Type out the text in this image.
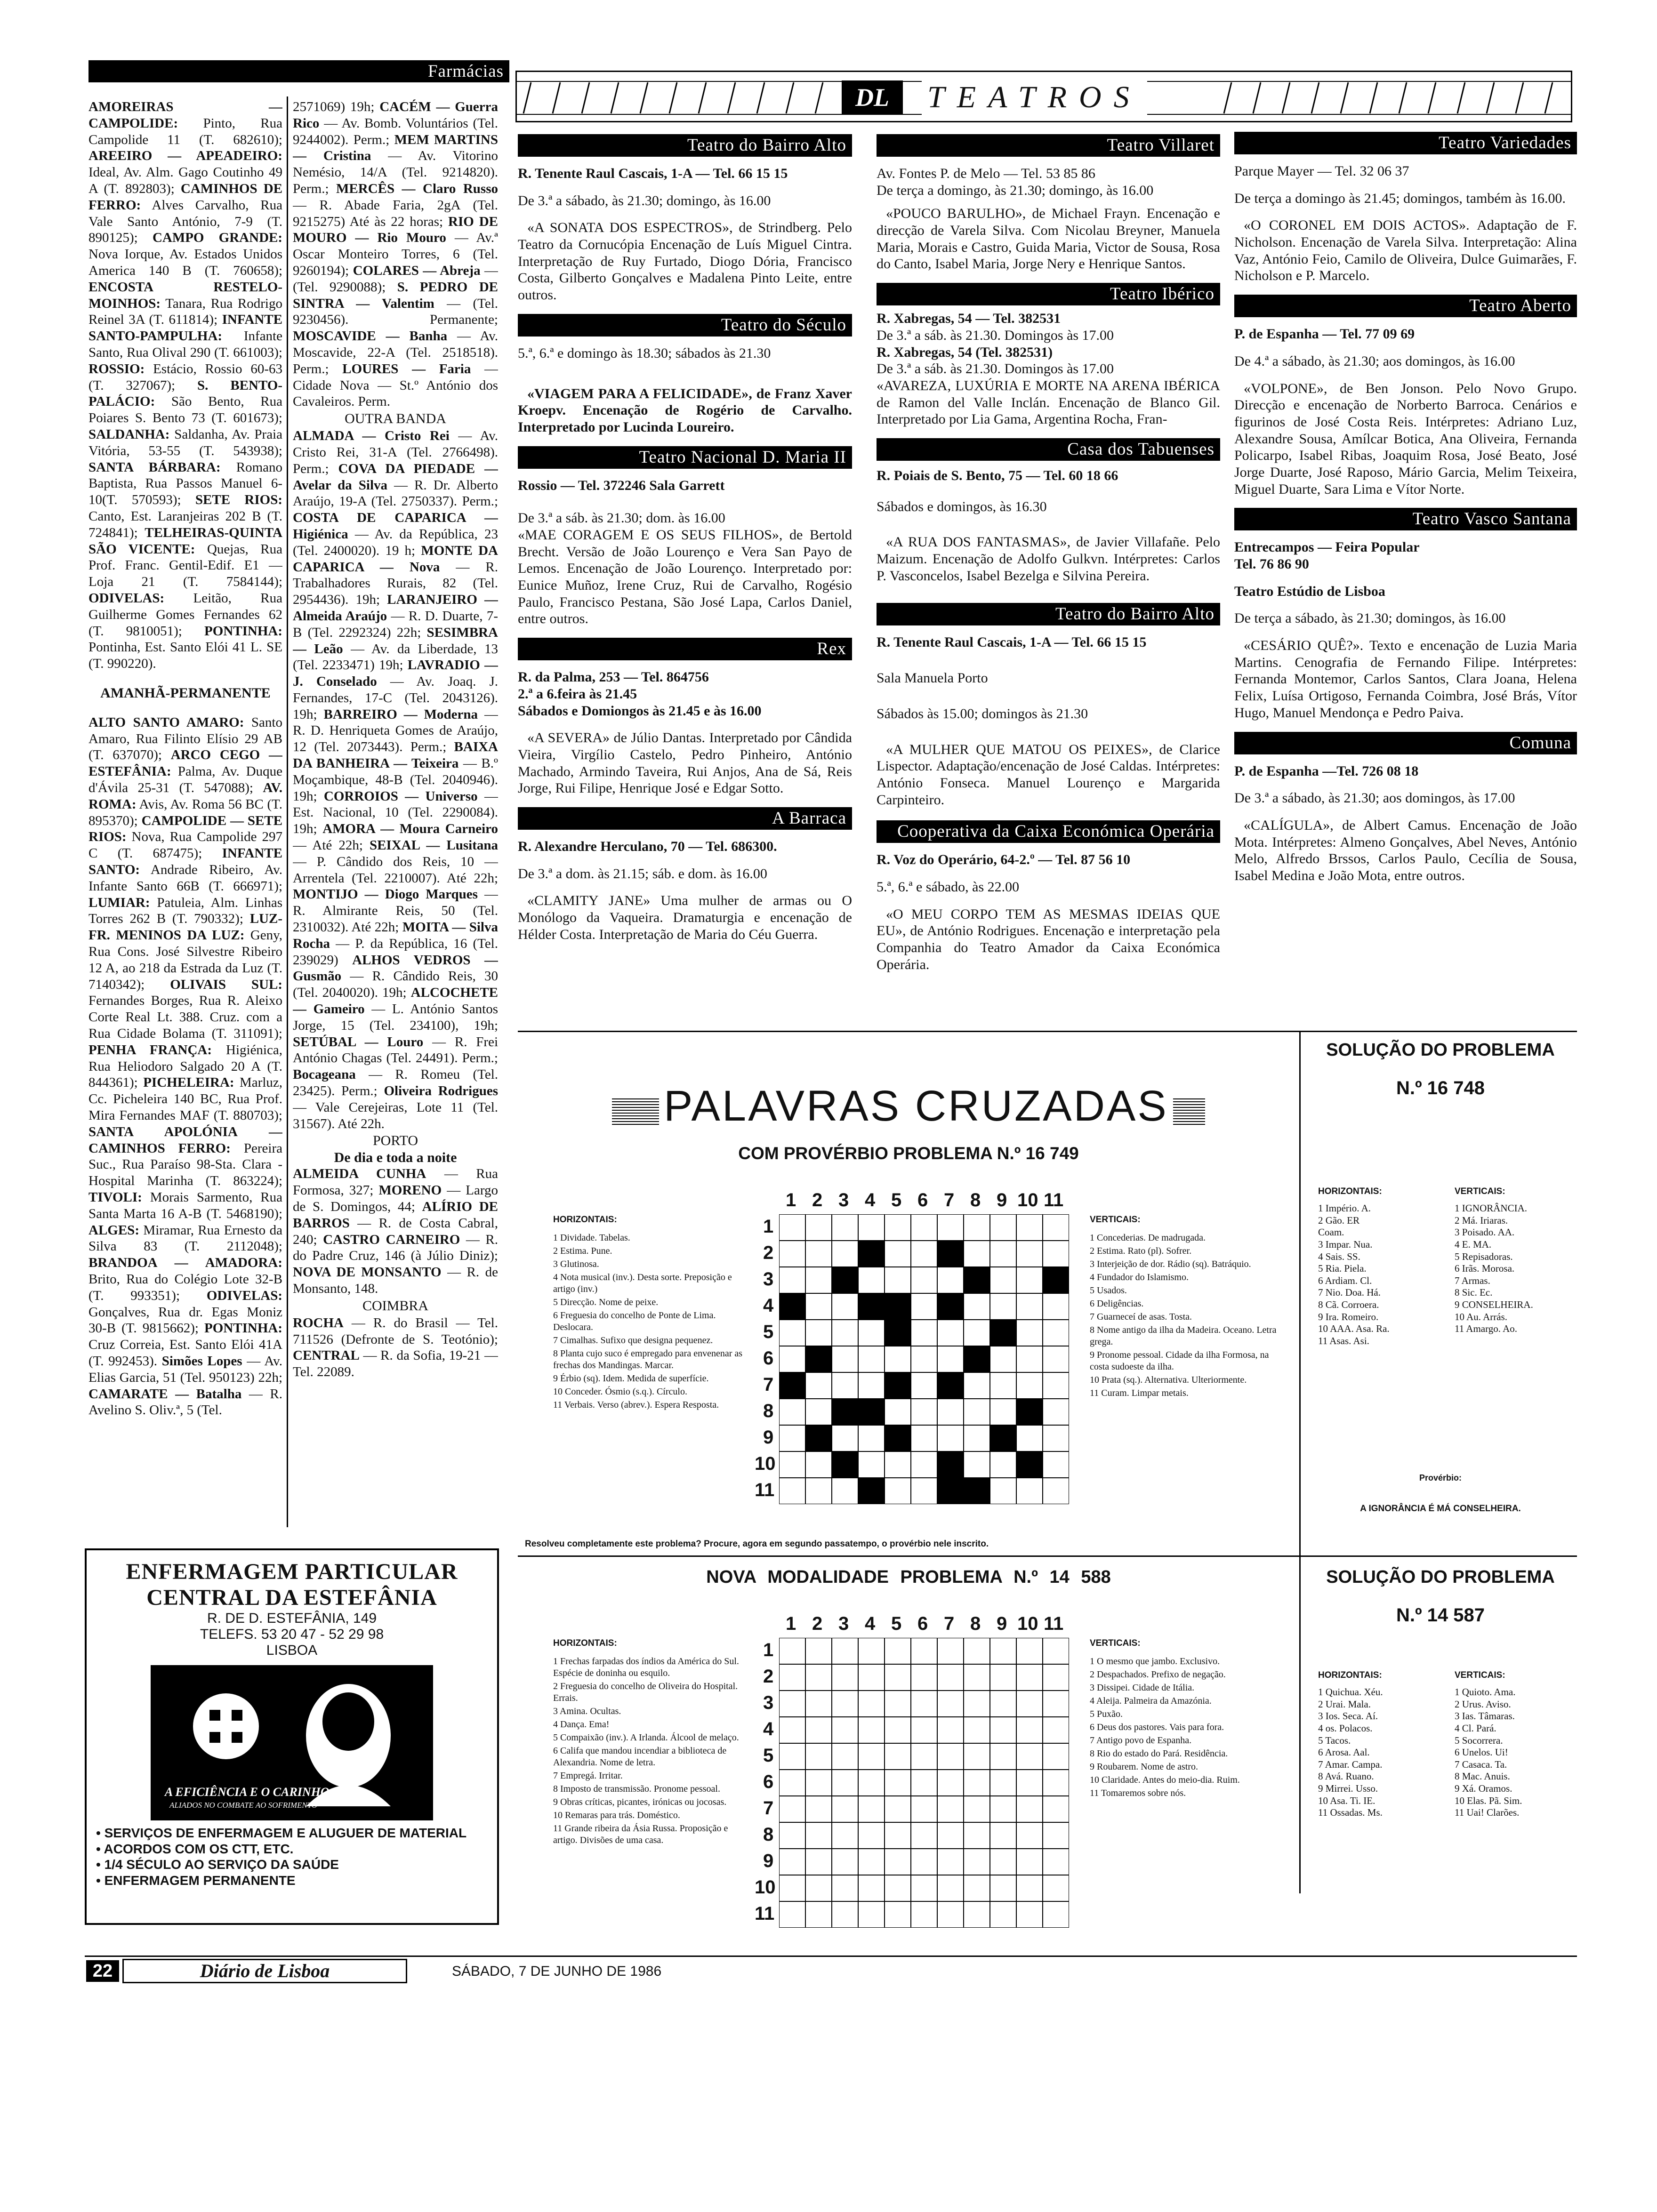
Farmácias

AMOREIRAS — CAMPOLIDE: Pinto, Rua Campolide 11 (T. 682610); AREEIRO — APEADEIRO: Ideal, Av. Alm. Gago Coutinho 49 A (T. 892803); CAMINHOS DE FERRO: Alves Carvalho, Rua Vale Santo António, 7-9 (T. 890125); CAMPO GRANDE: Nova Iorque, Av. Estados Unidos America 140 B (T. 760658); ENCOSTA RESTELO-MOINHOS: Tanara, Rua Rodrigo Reinel 3A (T. 611814); INFANTE SANTO-PAMPULHA: Infante Santo, Rua Olival 290 (T. 661003); ROSSIO: Estácio, Rossio 60-63 (T. 327067); S. BENTO-PALÁCIO: São Bento, Rua Poiares S. Bento 73 (T. 601673); SALDANHA: Saldanha, Av. Praia Vitória, 53-55 (T. 543938); SANTA BÁRBARA: Romano Baptista, Rua Passos Manuel 6-10(T. 570593); SETE RIOS: Canto, Est. Laranjeiras 202 B (T. 724841); TELHEIRAS-QUINTA SÃO VICENTE: Quejas, Rua Prof. Franc. Gentil-Edif. E1 — Loja 21 (T. 7584144); ODIVELAS: Leitão, Rua Guilherme Gomes Fernandes 62 (T. 9810051); PONTINHA: Pontinha, Est. Santo Elói 41 L. SE (T. 990220).

AMANHÃ-PERMANENTE

ALTO SANTO AMARO: Santo Amaro, Rua Filinto Elísio 29 AB (T. 637070); ARCO CEGO — ESTEFÂNIA: Palma, Av. Duque d'Ávila 25-31 (T. 547088); AV. ROMA: Avis, Av. Roma 56 BC (T. 895370); CAMPOLIDE — SETE RIOS: Nova, Rua Campolide 297 C (T. 687475); INFANTE SANTO: Andrade Ribeiro, Av. Infante Santo 66B (T. 666971); LUMIAR: Patuleia, Alm. Linhas Torres 262 B (T. 790332); LUZ-FR. MENINOS DA LUZ: Geny, Rua Cons. José Silvestre Ribeiro 12 A, ao 218 da Estrada da Luz (T. 7140342); OLIVAIS SUL: Fernandes Borges, Rua R. Aleixo Corte Real Lt. 388. Cruz. com a Rua Cidade Bolama (T. 311091); PENHA FRANÇA: Higiénica, Rua Heliodoro Salgado 20 A (T. 844361); PICHELEIRA: Marluz, Cc. Picheleira 140 BC, Rua Prof. Mira Fernandes MAF (T. 880703); SANTA APOLÓNIA — CAMINHOS FERRO: Pereira Suc., Rua Paraíso 98-Sta. Clara - Hospital Marinha (T. 863224); TIVOLI: Morais Sarmento, Rua Santa Marta 16 A-B (T. 5468190); ALGES: Miramar, Rua Ernesto da Silva 83 (T. 2112048); BRANDOA — AMADORA: Brito, Rua do Colégio Lote 32-B (T. 993351); ODIVELAS: Gonçalves, Rua dr. Egas Moniz 30-B (T. 9815662); PONTINHA: Cruz Correia, Est. Santo Elói 41A (T. 992453). Simões Lopes — Av. Elias Garcia, 51 (Tel. 950123) 22h; CAMARATE — Batalha — R. Avelino S. Oliv.ª, 5 (Tel.

2571069) 19h; CACÉM — Guerra Rico — Av. Bomb. Voluntários (Tel. 9244002). Perm.; MEM MARTINS — Cristina — Av. Vitorino Nemésio, 14/A (Tel. 9214820). Perm.; MERCÊS — Claro Russo — R. Abade Faria, 2gA (Tel. 9215275) Até às 22 horas; RIO DE MOURO — Rio Mouro — Av.ª Oscar Monteiro Torres, 6 (Tel. 9260194); COLARES — Abreja — (Tel. 9290088); S. PEDRO DE SINTRA — Valentim — (Tel. 9230456). Permanente; MOSCAVIDE — Banha — Av. Moscavide, 22-A (Tel. 2518518). Perm.; LOURES — Faria — Cidade Nova — St.º António dos Cavaleiros. Perm.

OUTRA BANDA

ALMADA — Cristo Rei — Av. Cristo Rei, 31-A (Tel. 2766498). Perm.; COVA DA PIEDADE — Avelar da Silva — R. Dr. Alberto Araújo, 19-A (Tel. 2750337). Perm.; COSTA DE CAPARICA — Higiénica — Av. da República, 23 (Tel. 2400020). 19 h; MONTE DA CAPARICA — Nova — R. Trabalhadores Rurais, 82 (Tel. 2954436). 19h; LARANJEIRO — Almeida Araújo — R. D. Duarte, 7-B (Tel. 2292324) 22h; SESIMBRA — Leão — Av. da Liberdade, 13 (Tel. 2233471) 19h; LAVRADIO — J. Conselado — Av. Joaq. J. Fernandes, 17-C (Tel. 2043126). 19h; BARREIRO — Moderna — R. D. Henriqueta Gomes de Araújo, 12 (Tel. 2073443). Perm.; BAIXA DA BANHEIRA — Teixeira — B.º Moçambique, 48-B (Tel. 2040946). 19h; CORROIOS — Universo — Est. Nacional, 10 (Tel. 2290084). 19h; AMORA — Moura Carneiro — Até 22h; SEIXAL — Lusitana — P. Cândido dos Reis, 10 — Arrentela (Tel. 2210007). Até 22h; MONTIJO — Diogo Marques — R. Almirante Reis, 50 (Tel. 2310032). Até 22h; MOITA — Silva Rocha — P. da República, 16 (Tel. 239029) ALHOS VEDROS — Gusmão — R. Cândido Reis, 30 (Tel. 2040020). 19h; ALCOCHETE — Gameiro — L. António Santos Jorge, 15 (Tel. 234100), 19h; SETÚBAL — Louro — R. Frei António Chagas (Tel. 24491). Perm.; Bocageana — R. Romeu (Tel. 23425). Perm.; Oliveira Rodrigues — Vale Cerejeiras, Lote 11 (Tel. 31567). Até 22h.

PORTO
De dia e toda a noite

ALMEIDA CUNHA — Rua Formosa, 327; MORENO — Largo de S. Domingos, 44; ALÍRIO DE BARROS — R. de Costa Cabral, 240; CASTRO CARNEIRO — R. do Padre Cruz, 146 (à Júlio Diniz); NOVA DE MONSANTO — R. de Monsanto, 148.

COIMBRA

ROCHA — R. do Brasil — Tel. 711526 (Defronte de S. Teotónio); CENTRAL — R. da Sofia, 19-21 — Tel. 22089.

DL	TEATROS
Teatro do Bairro Alto
R. Tenente Raul Cascais, 1-A — Tel. 66 15 15

De 3.ª a sábado, às 21.30; domingo, às 16.00

«A SONATA DOS ESPECTROS», de Strindberg. Pelo Teatro da Cornucópia Encenação de Luís Miguel Cintra. Interpretação de Ruy Furtado, Diogo Dória, Francisco Costa, Gilberto Gonçalves e Madalena Pinto Leite, entre outros.

Teatro do Século

5.ª, 6.ª e domingo às 18.30; sábados às 21.30

«VIAGEM PARA A FELICIDADE», de Franz Xaver Kroepv. Encenação de Rogério de Carvalho. Interpretado por Lucinda Loureiro.

Teatro Nacional D. Maria II
Rossio — Tel. 372246 Sala Garrett

De 3.ª a sáb. às 21.30; dom. às 16.00

«MAE CORAGEM E OS SEUS FILHOS», de Bertold Brecht. Versão de João Lourenço e Vera San Payo de Lemos. Encenação de João Lourenço. Interpretado por: Eunice Muñoz, Irene Cruz, Rui de Carvalho, Rogésio Paulo, Francisco Pestana, São José Lapa, Carlos Daniel, entre outros.

Rex
R. da Palma, 253 — Tel. 864756
2.ª a 6.feira às 21.45
Sábados e Domiongos às 21.45 e às 16.00

«A SEVERA» de Júlio Dantas. Interpretado por Cândida Vieira, Virgílio Castelo, Pedro Pinheiro, António Machado, Armindo Taveira, Rui Anjos, Ana de Sá, Reis Jorge, Rui Filipe, Henrique José e Edgar Sotto.

A Barraca
R. Alexandre Herculano, 70 — Tel. 686300.

De 3.ª a dom. às 21.15; sáb. e dom. às 16.00

«CLAMITY JANE» Uma mulher de armas ou O Monólogo da Vaqueira. Dramaturgia e encenação de Hélder Costa. Interpretação de Maria do Céu Guerra.

Teatro Villaret
Av. Fontes P. de Melo — Tel. 53 85 86

De terça a domingo, às 21.30; domingo, às 16.00

«POUCO BARULHO», de Michael Frayn. Encenação e direcção de Varela Silva. Com Nicolau Breyner, Manuela Maria, Morais e Castro, Guida Maria, Victor de Sousa, Rosa do Canto, Isabel Maria, Jorge Nery e Henrique Santos.

Teatro Ibérico
R. Xabregas, 54 — Tel. 382531
De 3.ª a sáb. às 21.30. Domingos às 17.00
R. Xabregas, 54 (Tel. 382531)
De 3.ª a sáb. às 21.30. Domingos às 17.00

«AVAREZA, LUXÚRIA E MORTE NA ARENA IBÉRICA de Ramon del Valle Inclán. Encenação de Blanco Gil. Interpretado por Lia Gama, Argentina Rocha, Fran-

Casa dos Tabuenses
R. Poiais de S. Bento, 75 — Tel. 60 18 66

Sábados e domingos, às 16.30

«A RUA DOS FANTASMAS», de Javier Villafañe. Pelo Maizum. Encenação de Adolfo Gulkvn. Intérpretes: Carlos P. Vasconcelos, Isabel Bezelga e Silvina Pereira.

Teatro do Bairro Alto
R. Tenente Raul Cascais, 1-A — Tel. 66 15 15
Sala Manuela Porto

Sábados às 15.00; domingos às 21.30

«A MULHER QUE MATOU OS PEIXES», de Clarice Lispector. Adaptação/encenação de José Caldas. Intérpretes: António Fonseca. Manuel Lourenço e Margarida Carpinteiro.

Cooperativa da Caixa Económica Operária
R. Voz do Operário, 64-2.º — Tel. 87 56 10

5.ª, 6.ª e sábado, às 22.00

«O MEU CORPO TEM AS MESMAS IDEIAS QUE EU», de António Rodrigues. Encenação e interpretação pela Companhia do Teatro Amador da Caixa Económica Operária.

Teatro Variedades
Parque Mayer — Tel. 32 06 37

De terça a domingo às 21.45; domingos, também às 16.00.

«O CORONEL EM DOIS ACTOS». Adaptação de F. Nicholson. Encenação de Varela Silva. Interpretação: Alina Vaz, António Feio, Camilo de Oliveira, Dulce Guimarães, F. Nicholson e P. Marcelo.

Teatro Aberto
P. de Espanha — Tel. 77 09 69

De 4.ª a sábado, às 21.30; aos domingos, às 16.00

«VOLPONE», de Ben Jonson. Pelo Novo Grupo. Direcção e encenação de Norberto Barroca. Cenários e figurinos de José Costa Reis. Intérpretes: Adriano Luz, Alexandre Sousa, Amílcar Botica, Ana Oliveira, Fernanda Policarpo, Isabel Ribas, Joaquim Rosa, José Beato, José Jorge Duarte, José Raposo, Mário Garcia, Melim Teixeira, Miguel Duarte, Sara Lima e Vítor Norte.

Teatro Vasco Santana
Entrecampos — Feira Popular
Tel. 76 86 90
Teatro Estúdio de Lisboa

De terça a sábado, às 21.30; domingos, às 16.00

«CESÁRIO QUÊ?». Texto e encenação de Luzia Maria Martins. Cenografia de Fernando Filipe. Intérpretes: Fernanda Montemor, Carlos Santos, Clara Joana, Helena Felix, Luísa Ortigoso, Fernanda Coimbra, José Brás, Vítor Hugo, Manuel Mendonça e Pedro Paiva.

Comuna
P. de Espanha —Tel. 726 08 18

De 3.ª a sábado, às 21.30; aos domingos, às 17.00

«CALÍGULA», de Albert Camus. Encenação de João Mota. Intérpretes: Almeno Gonçalves, Abel Neves, António Melo, Alfredo Brssos, Carlos Paulo, Cecília de Sousa, Isabel Medina e João Mota, entre outros.

PALAVRAS CRUZADAS
COM PROVÉRBIO PROBLEMA N.º 16 749
HORIZONTAIS:
1 Dividade. Tabelas.
2 Estima. Pune.
3 Glutinosa.
4 Nota musical (inv.). Desta sorte. Preposição e artigo (inv.)
5 Direcção. Nome de peixe.
6 Freguesia do concelho de Ponte de Lima. Deslocara.
7 Cimalhas. Sufixo que designa pequenez.
8 Planta cujo suco é empregado para envenenar as frechas dos Mandingas. Marcar.
9 Érbio (sq). Idem. Medida de superfície.
10 Conceder. Ósmio (s.q.). Círculo.
11 Verbais. Verso (abrev.). Espera Resposta.
VERTICAIS:
1 Concederias. De madrugada.
2 Estima. Rato (pl). Sofrer.
3 Interjeição de dor. Rádio (sq). Batráquio.
4 Fundador do Islamismo.
5 Usados.
6 Deligências.
7 Guarneceí de asas. Tosta.
8 Nome antigo da ilha da Madeira. Oceano. Letra grega.
9 Pronome pessoal. Cidade da ilha Formosa, na costa sudoeste da ilha.
10 Prata (sq.). Alternativa. Ulteriormente.
11 Curam. Limpar metais.
1
1
2
2
3
3
4
4
5
5
6
6
7
7
8
8
9
9
10
10
11
11
Resolveu completamente este problema? Procure, agora em segundo passatempo, o provérbio nele inscrito.
SOLUÇÃO DO PROBLEMA
N.º 16 748
HORIZONTAIS:
1 Império. A.
2 Gão. ER
Coam.
3 Impar. Nua.
4 Sais. SS.
5 Ria. Piela.
6 Ardiam. Cl.
7 Nio. Doa. Há.
8 Cã. Corroera.
9 Ira. Romeiro.
10 AAA. Asa. Ra.
11 Asas. Asi.
VERTICAIS:
1 IGNORÂNCIA.
2 Má. Iriaras.
3 Poisado. AA.
4 E. MA.
5 Repisadoras.
6 Irãs. Morosa.
7 Armas.
8 Sic. Ec.
9 CONSELHEIRA.
10 Au. Arrás.
11 Amargo. Ao.
Provérbio:
A IGNORÂNCIA É MÁ CONSELHEIRA.
NOVA MODALIDADE PROBLEMA N.º 14 588
HORIZONTAIS:
1 Frechas farpadas dos índios da América do Sul. Espécie de doninha ou esquilo.
2 Freguesia do concelho de Oliveira do Hospital. Errais.
3 Amina. Ocultas.
4 Dança. Ema!
5 Compaixão (inv.). A Irlanda. Álcool de melaço.
6 Califa que mandou incendiar a biblioteca de Alexandria. Nome de letra.
7 Empregá. Irritar.
8 Imposto de transmissão. Pronome pessoal.
9 Obras críticas, picantes, irónicas ou jocosas.
10 Remaras para trás. Doméstico.
11 Grande ribeira da Ásia Russa. Proposição e artigo. Divisões de uma casa.
VERTICAIS:
1 O mesmo que jambo. Exclusivo.
2 Despachados. Prefixo de negação.
3 Dissipei. Cidade de Itália.
4 Aleija. Palmeira da Amazónia.
5 Puxão.
6 Deus dos pastores. Vais para fora.
7 Antigo povo de Espanha.
8 Rio do estado do Pará. Residência.
9 Roubarem. Nome de astro.
10 Claridade. Antes do meio-dia. Ruim.
11 Tomaremos sobre nós.
1
1
2
2
3
3
4
4
5
5
6
6
7
7
8
8
9
9
10
10
11
11
SOLUÇÃO DO PROBLEMA
N.º 14 587
HORIZONTAIS:
1 Quichua. Xéu.
2 Urai. Mala.
3 Ios. Seca. Aí.
4 os. Polacos.
5 Tacos.
6 Arosa. Aal.
7 Amar. Campa.
8 Avá. Ruano.
9 Mirrei. Usso.
10 Asa. Ti. IE.
11 Ossadas. Ms.
VERTICAIS:
1 Quioto. Ama.
2 Urus. Aviso.
3 Ias. Tâmaras.
4 Cl. Pará.
5 Socorrera.
6 Unelos. Ui!
7 Casaca. Ta.
8 Mac. Anuis.
9 Xá. Oramos.
10 Elas. Pã. Sim.
11 Uai! Clarões.
ENFERMAGEM PARTICULAR
CENTRAL DA ESTEFÂNIA
R. DE D. ESTEFÂNIA, 149
TELEFS. 53 20 47 - 52 29 98
LISBOA
A EFICIÊNCIA E O CARINHO
ALIADOS NO COMBATE AO SOFRIMENTO
• SERVIÇOS DE ENFERMAGEM E ALUGUER DE MATERIAL
• ACORDOS COM OS CTT, ETC.
• 1/4 SÉCULO AO SERVIÇO DA SAÚDE
• ENFERMAGEM PERMANENTE
22	Diário de Lisboa	SÁBADO, 7 DE JUNHO DE 1986
